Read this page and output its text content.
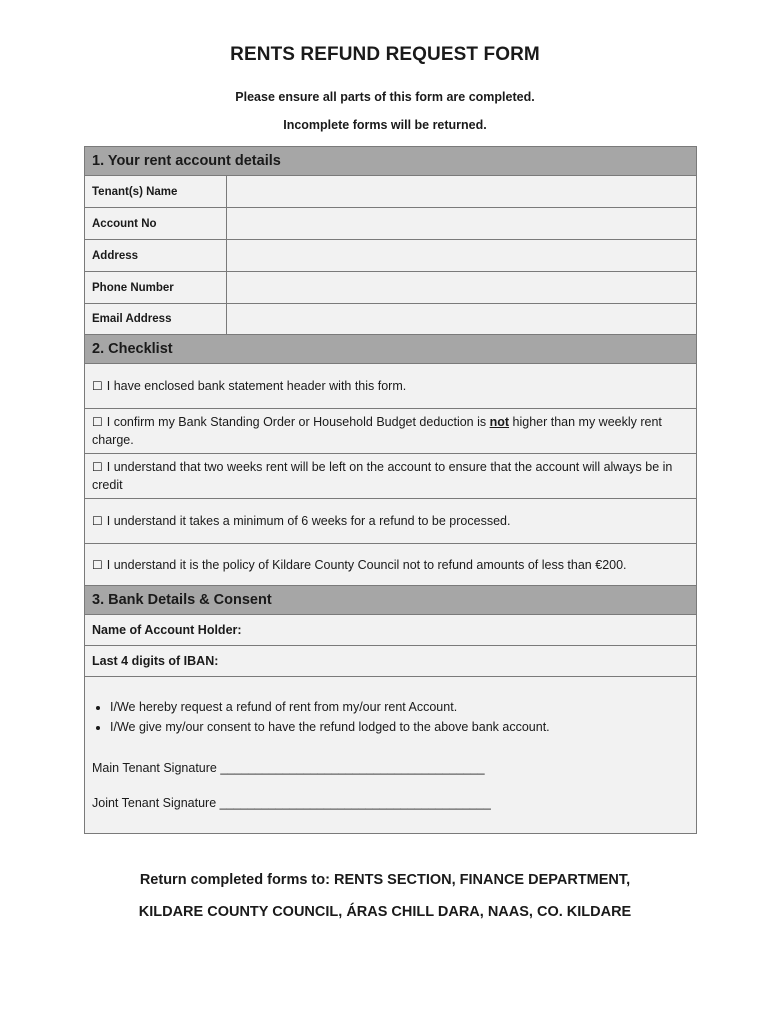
RENTS REFUND REQUEST FORM
Please ensure all parts of this form are completed.
Incomplete forms will be returned.
1. Your rent account details
Tenant(s) Name
Account No
Address
Phone Number
Email Address
2. Checklist
☐ I have enclosed bank statement header with this form.
☐ I confirm my Bank Standing Order or Household Budget deduction is not higher than my weekly rent charge.
☐ I understand that two weeks rent will be left on the account to ensure that the account will always be in credit
☐ I understand it takes a minimum of 6 weeks for a refund to be processed.
☐ I understand it is the policy of Kildare County Council not to refund amounts of less than €200.
3. Bank Details & Consent
Name of Account Holder:
Last 4 digits of IBAN:
• I/We hereby request a refund of rent from my/our rent Account.
• I/We give my/our consent to have the refund lodged to the above bank account.
Main Tenant Signature ______________________________________
Joint Tenant Signature _______________________________________
Return completed forms to: RENTS SECTION, FINANCE DEPARTMENT,
KILDARE COUNTY COUNCIL, ÁRAS CHILL DARA, NAAS, CO. KILDARE
